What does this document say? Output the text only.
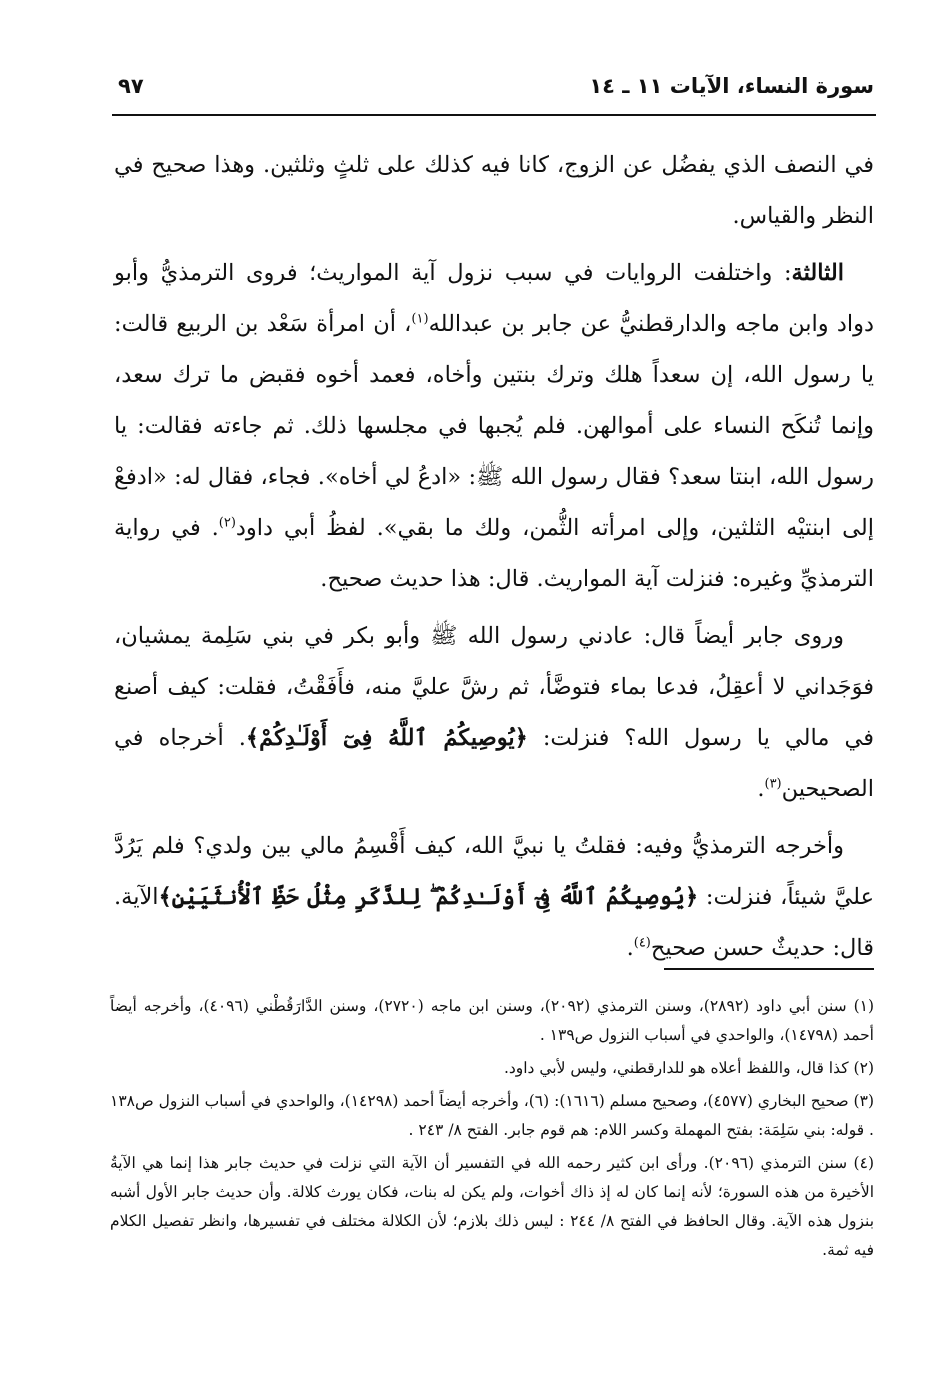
سورة النساء، الآيات ١١ ـ ١٤
٩٧

في النصف الذي يفضُل عن الزوج، كانا فيه كذلك على ثلثٍ وثلثين. وهذا صحيح في النظر والقياس.

الثالثة: واختلفت الروايات في سبب نزول آية المواريث؛ فروى الترمذيُّ وأبو دواد وابن ماجه والدارقطنيُّ عن جابر بن عبدالله$^{(١)}$، أن امرأة سَعْد بن الربيع قالت: يا رسول الله، إن سعداً هلك وترك بنتين وأخاه، فعمد أخوه فقبض ما ترك سعد، وإنما تُنكَح النساء على أموالهن. فلم يُجبها في مجلسها ذلك. ثم جاءته فقالت: يا رسول الله، ابنتا سعد؟ فقال رسول الله ﷺ: «ادعُ لي أخاه». فجاء، فقال له: «ادفعْ إلى ابنتيْه الثلثين، وإلى امرأته الثُّمن، ولك ما بقي». لفظُ أبي داود$^{(٢)}$. في رواية الترمذيِّ وغيره: فنزلت آية المواريث. قال: هذا حديث صحيح.

وروى جابر أيضاً قال: عادني رسول الله ﷺ وأبو بكر في بني سَلِمة يمشيان، فوَجَداني لا أعقِلُ، فدعا بماء فتوضَّأ، ثم رشَّ عليَّ منه، فأَفَقْتُ، فقلت: كيف أصنع في مالي يا رسول الله؟ فنزلت: ﴿يُوصِيكُمُ ٱللَّهُ فِىٓ أَوْلَـٰدِكُمْ﴾. أخرجاه في الصحيحين$^{(٣)}$.

وأخرجه الترمذيُّ وفيه: فقلتُ يا نبيَّ الله، كيف أَقْسِمُ مالي بين ولدي؟ فلم يَرُدَّ عليَّ شيئاً، فنزلت: ﴿يُوصِيكُمُ ٱللَّهُ فِىٓ أَوْلَـٰدِكُمْ ۖ لِلذَّكَرِ مِثْلُ حَظِّ ٱلْأُنثَيَيْنِ﴾الآية. قال: حديثٌ حسن صحيح$^{(٤)}$.

(١) سنن أبي داود (٢٨٩٢)، وسنن الترمذي (٢٠٩٢)، وسنن ابن ماجه (٢٧٢٠)، وسنن الدَّارَقُطْني (٤٠٩٦)، وأخرجه أيضاً أحمد (١٤٧٩٨)، والواحدي في أسباب النزول ص١٣٩ .

(٢) كذا قال، واللفظ أعلاه هو للدارقطني، وليس لأبي داود.

(٣) صحيح البخاري (٤٥٧٧)، وصحيح مسلم (١٦١٦): (٦)، وأخرجه أيضاً أحمد (١٤٢٩٨)، والواحدي في أسباب النزول ص١٣٨ . قوله: بني سَلِمَة: بفتح المهملة وكسر اللام: هم قوم جابر. الفتح ٨/ ٢٤٣ .

(٤) سنن الترمذي (٢٠٩٦). ورأى ابن كثير رحمه الله في التفسير أن الآية التي نزلت في حديث جابر هذا إنما هي الآيةُ الأخيرة من هذه السورة؛ لأنه إنما كان له إذ ذاك أخوات، ولم يكن له بنات، فكان يورث كلالة. وأن حديث جابر الأول أشبه بنزول هذه الآية. وقال الحافظ في الفتح ٨/ ٢٤٤ : ليس ذلك بلازم؛ لأن الكلالة مختلف في تفسيرها، وانظر تفصيل الكلام فيه ثمة.
